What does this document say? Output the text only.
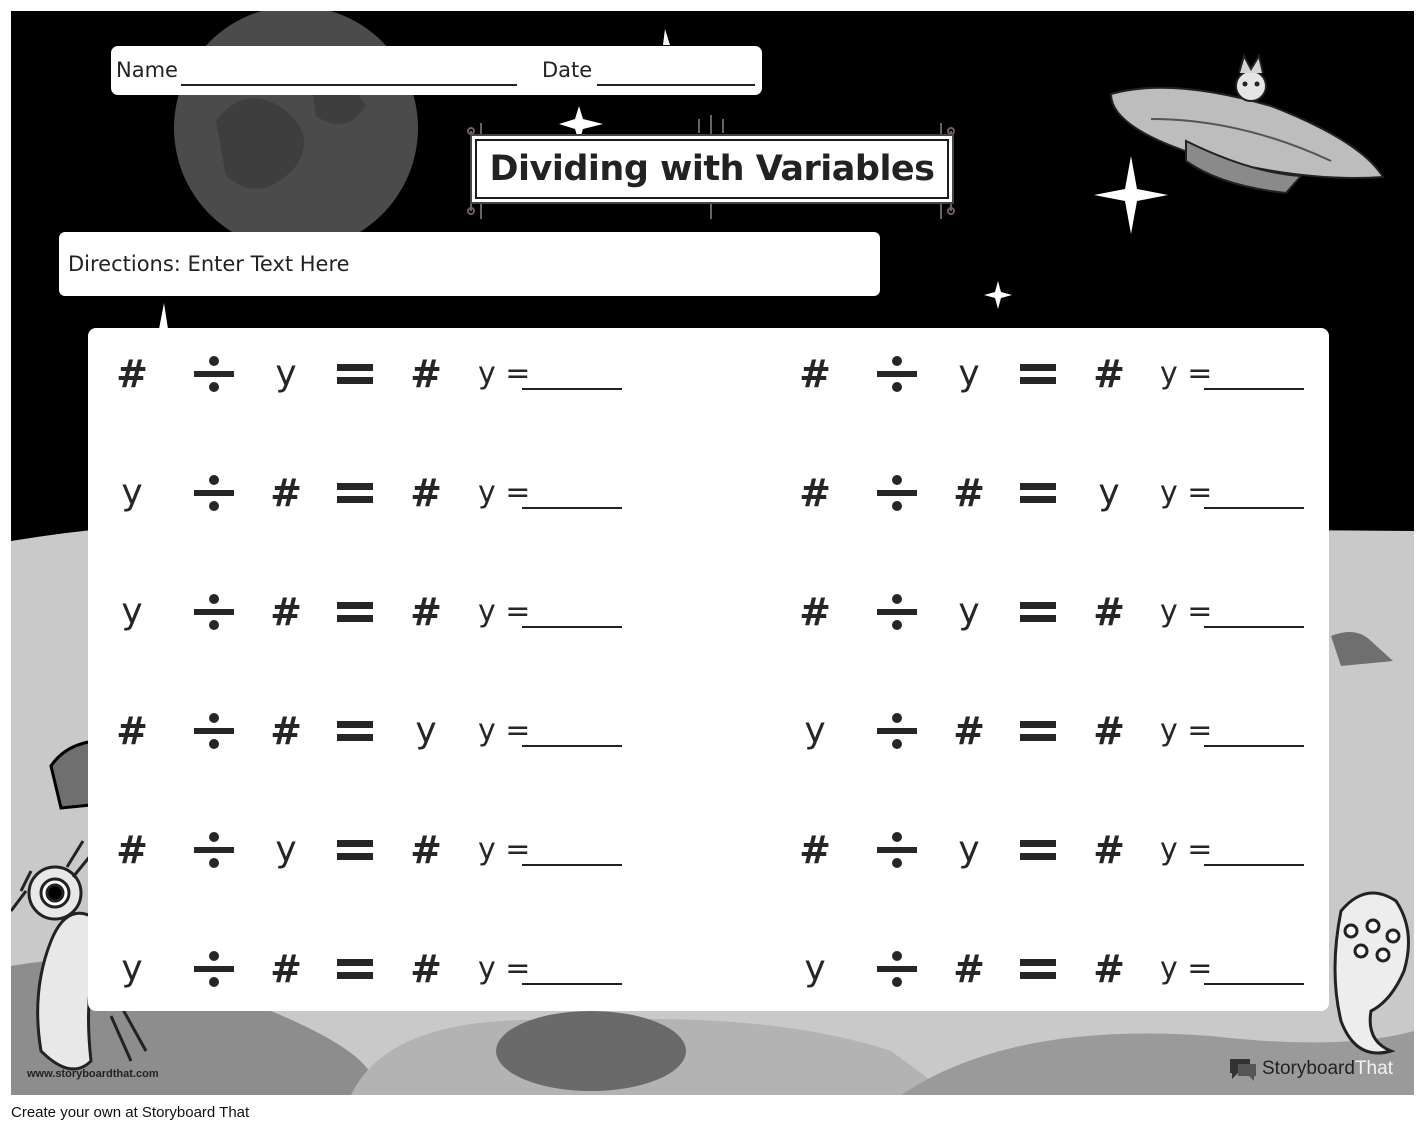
Name	Date
Dividing with Variables
Directions: Enter Text Here
#	y	#	y =
y	#	#	y =
y	#	#	y =
#	#	y	y =
#	y	#	y =
y	#	#	y =
#	y	#	y =
#	#	y	y =
#	y	#	y =
y	#	#	y =
#	y	#	y =
y	#	#	y =
www.storyboardthat.com	StoryboardThat
Create your own at Storyboard That
